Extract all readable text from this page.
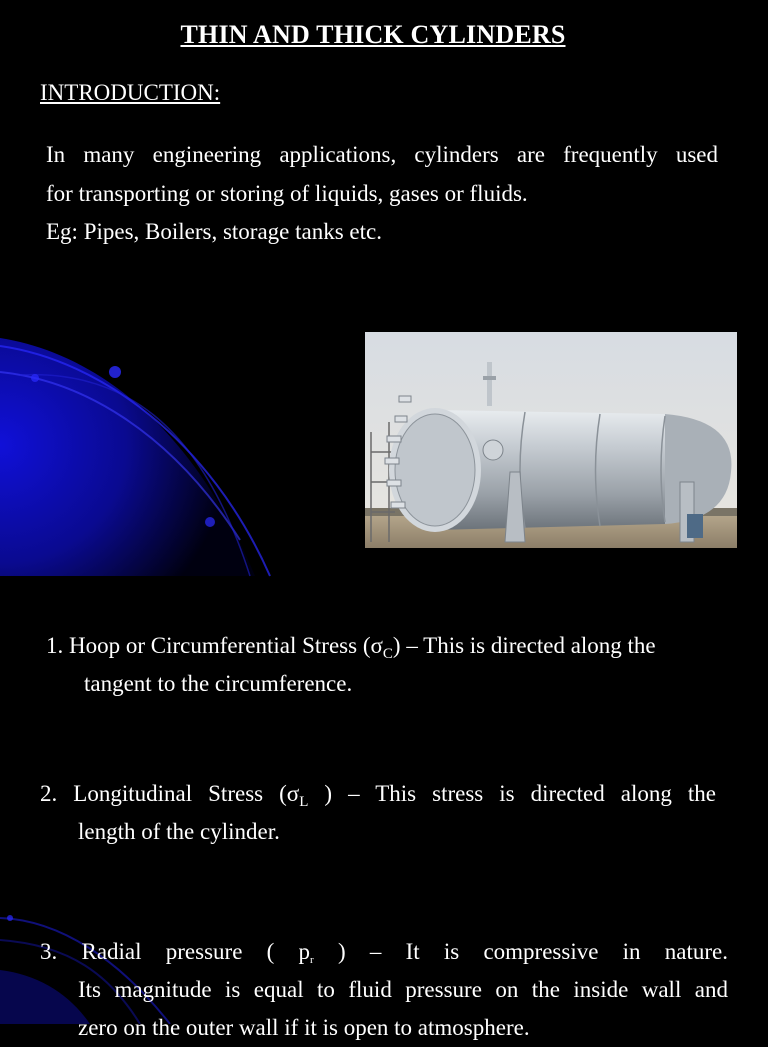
THIN AND THICK CYLINDERS
INTRODUCTION:
In many engineering applications, cylinders are frequently used
for transporting or storing of liquids, gases or fluids.
Eg: Pipes, Boilers, storage tanks etc.
1. Hoop or Circumferential Stress $(\sigma_C)$ – This is directed along the
tangent to the circumference.
2. Longitudinal Stress ($\sigma_L$ ) – This stress is directed along the
length of the cylinder.
3. Radial pressure ( $p_r$ ) – It is compressive in nature.
Its magnitude is equal to fluid pressure on the inside wall and
zero on the outer wall if it is open to atmosphere.
